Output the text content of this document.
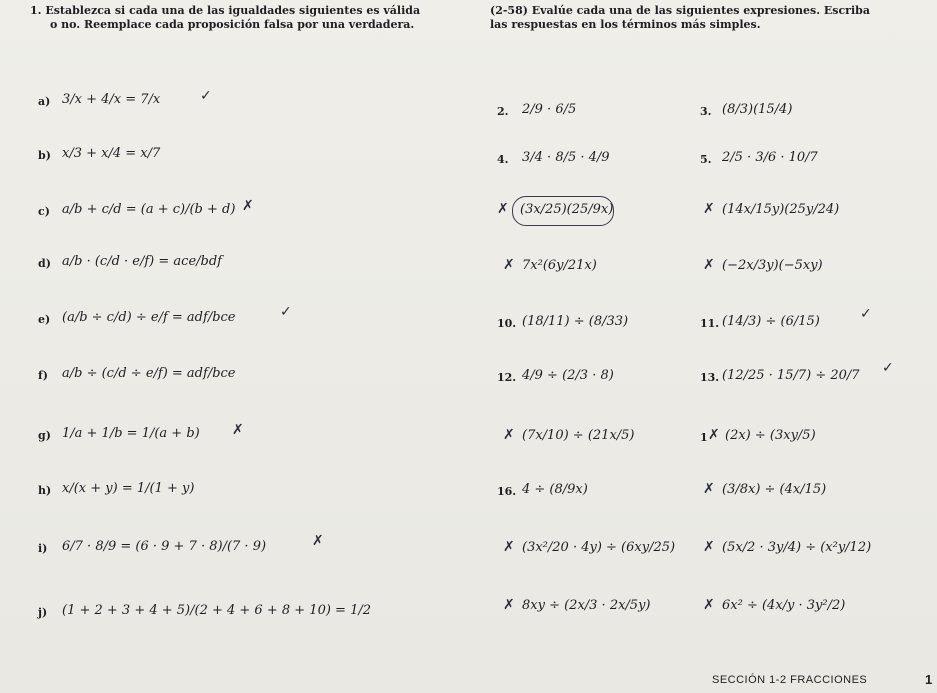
1. Establezca si cada una de las igualdades siguientes es válida
o no. Reemplace cada proposición falsa por una verdadera.
(2-58) Evalúe cada una de las siguientes expresiones. Escriba
las respuestas en los términos más simples.
a) 3/x + 4/x = 7/x	✓
b) x/3 + x/4 = x/7
c) a/b + c/d = (a + c)/(b + d) ✗
d) a/b · (c/d · e/f) = ace/bdf
e) (a/b ÷ c/d) ÷ e/f = adf/bce	✓
f) a/b ÷ (c/d ÷ e/f) = adf/bce
g) 1/a + 1/b = 1/(a + b) ✗
h) x/(x + y) = 1/(1 + y)
i) 6/7 · 8/9 = (6 · 9 + 7 · 8)/(7 · 9)	✗
j) (1 + 2 + 3 + 4 + 5)/(2 + 4 + 6 + 8 + 10) = 1/2
2. 2/9 · 6/5	3. (8/3)(15/4)
4. 3/4 · 8/5 · 4/9	5. 2/5 · 3/6 · 10/7
✗ (3x/25)(25/9x)	✗ (14x/15y)(25y/24)
✗ 7x²(6y/21x)	✗ (−2x/3y)(−5xy)
10. (18/11) ÷ (8/33)	11. (14/3) ÷ (6/15)	✓
12. 4/9 ÷ (2/3 · 8)	13. (12/25 · 15/7) ÷ 20/7 ✓
✗ (7x/10) ÷ (21x/5)	1 ✗ (2x) ÷ (3xy/5)
16. 4 ÷ (8/9x)	✗ (3/8x) ÷ (4x/15)
✗ (3x²/20 · 4y) ÷ (6xy/25) ✗ (5x/2 · 3y/4) ÷ (x²y/12)
✗ 8xy ÷ (2x/3 · 2x/5y)	✗ 6x² ÷ (4x/y · 3y²/2)
SECCIÓN 1-2 FRACCIONES	1
